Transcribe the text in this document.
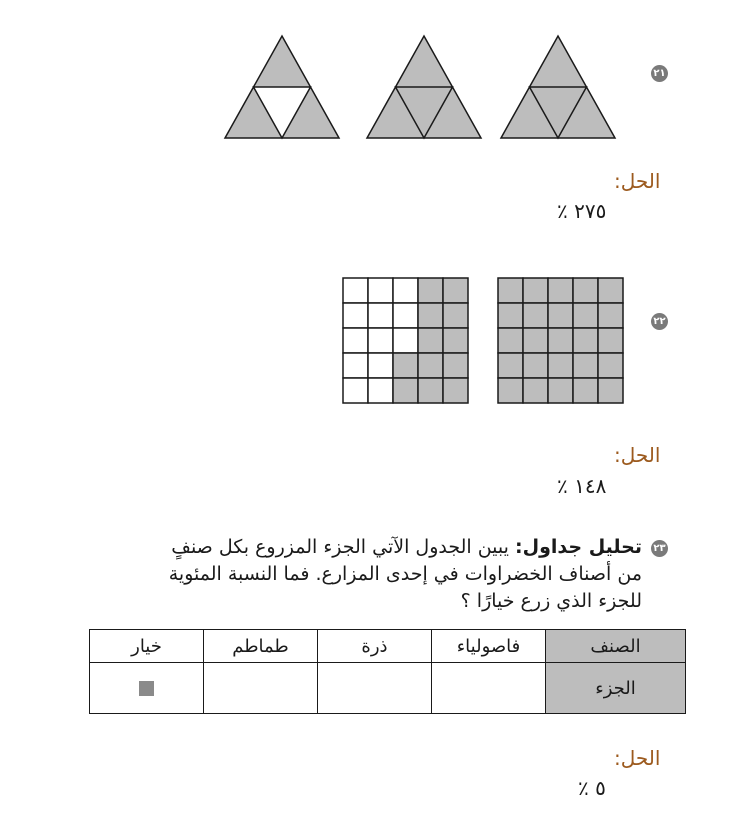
٢١
الحل:
٢٧٥ ٪
٢٢
الحل:
١٤٨ ٪
٢٣
تحليل جداول: يبين الجدول الآتي الجزء المزروع بكل صنفٍ
من أصناف الخضراوات في إحدى المزارع. فما النسبة المئوية
للجزء الذي زرع خيارًا ؟
الصنف	فاصولياء	ذرة	طماطم	خيار
الجزء				
الحل:
٥ ٪
